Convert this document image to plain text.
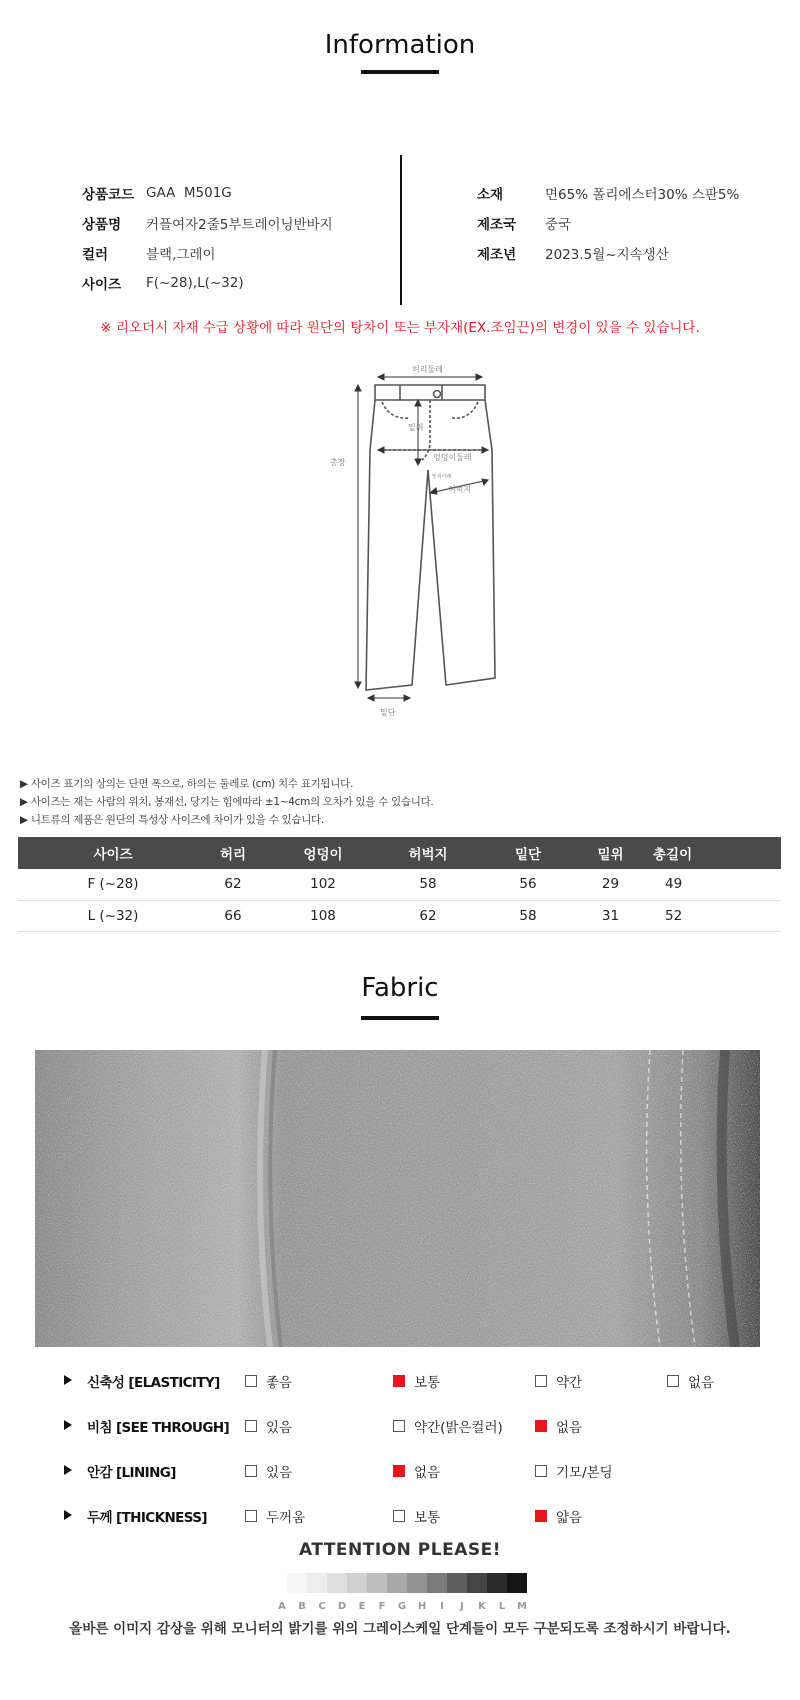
Information
상품코드 GAA  M501G
상품명	커플여자2줄5부트레이닝반바지
컬러	블랙,그레이
사이즈	F(~28),L(~32)
소재	면65% 폴리에스터30% 스판5%
제조국	중국
제조년	2023.5월~지속생산
※ 리오더시 자재 수급 상황에 따라 원단의 탕차이 또는 부자재(EX.조임끈)의 변경이 있을 수 있습니다.
허리둘레
총장
밑위
엉덩이둘레
밑위아래
허벅지
밑단
▶ 사이즈 표기의 상의는 단면 폭으로, 하의는 둘레로 (cm) 치수 표기됩니다.
▶ 사이즈는 재는 사람의 위치, 봉재선, 당기는 힘에따라 ±1~4cm의 오차가 있을 수 있습니다.
▶ 니트류의 제품은 원단의 특성상 사이즈에 차이가 있을 수 있습니다.
사이즈	허리	엉덩이	허벅지	밑단	밑위	총길이
F (~28)	62	102	58	56	29	49
L (~32)	66	108	62	58	31	52
Fabric
신축성 [ELASTICITY]	좋음	보통	약간	없음
비침 [SEE THROUGH]	있음	약간(밝은컬러)	없음
안감 [LINING]	있음	없음	기모/본딩
두께 [THICKNESS]	두꺼움	보통	얇음
ATTENTION PLEASE!
A	B	C	D	E	F	G	H	I	J	K	L	M
올바른 이미지 감상을 위해 모니터의 밝기를 위의 그레이스케일 단계들이 모두 구분되도록 조정하시기 바랍니다.
